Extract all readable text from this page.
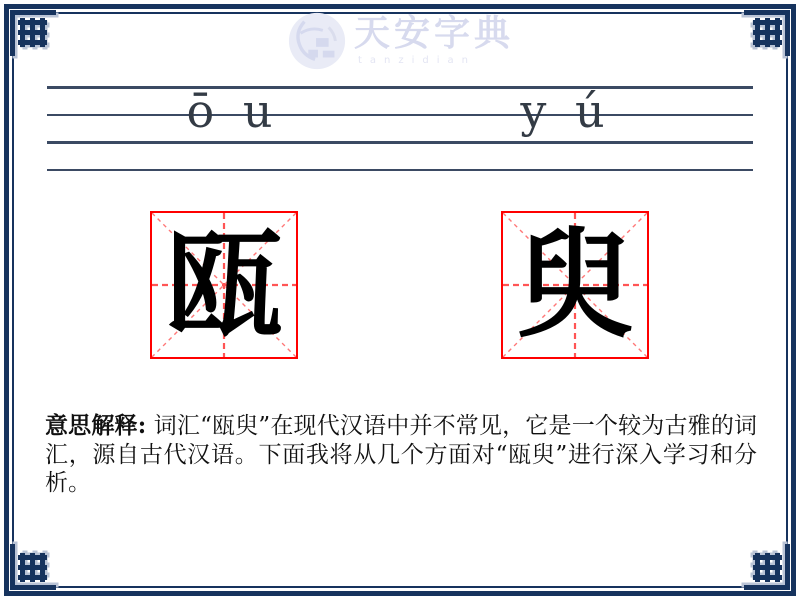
天安字典
tanzidian
ō u	y ú
瓯 臾

意思解释: 词汇“瓯臾”在现代汉语中并不常见，它是一个较为古雅的词汇，源自古代汉语。下面我将从几个方面对“瓯臾”进行深入学习和分析。
